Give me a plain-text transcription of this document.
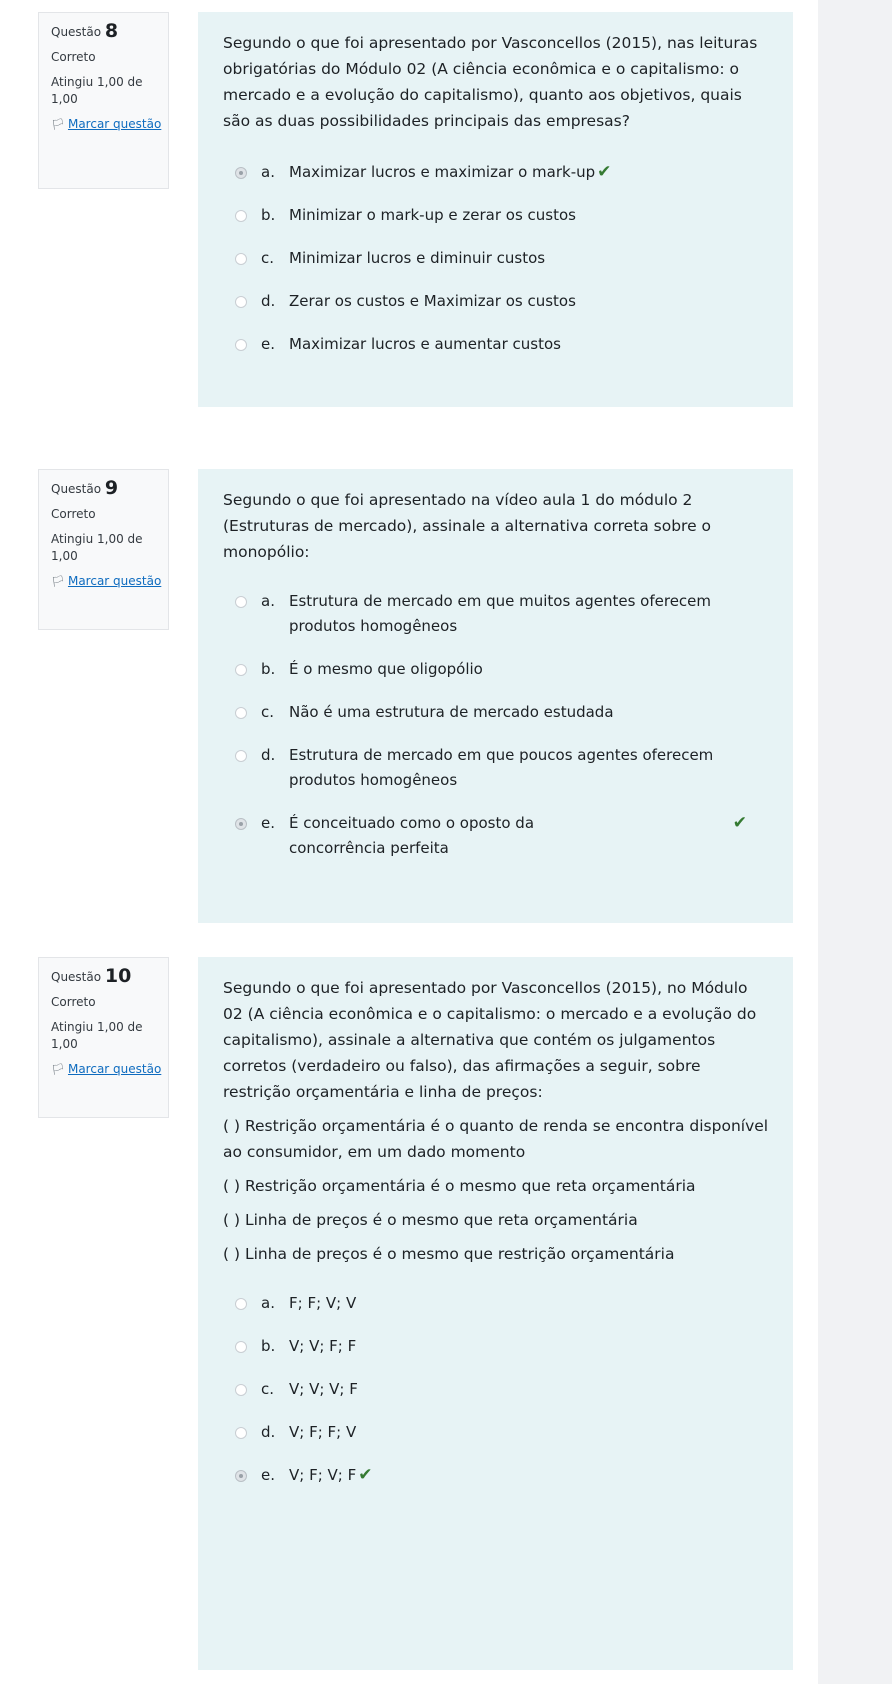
Questão 8
Correto
Atingiu 1,00 de 1,00
🏳 Marcar questão

Segundo o que foi apresentado por Vasconcellos (2015), nas leituras obrigatórias do Módulo 02 (A ciência econômica e o capitalismo: o mercado e a evolução do capitalismo), quanto aos objetivos, quais são as duas possibilidades principais das empresas?

a. Maximizar lucros e maximizar o mark-up ✔
b. Minimizar o mark-up e zerar os custos
c. Minimizar lucros e diminuir custos
d. Zerar os custos e Maximizar os custos
e. Maximizar lucros e aumentar custos
Questão 9
Correto
Atingiu 1,00 de 1,00
🏳 Marcar questão

Segundo o que foi apresentado na vídeo aula 1 do módulo 2 (Estruturas de mercado), assinale a alternativa correta sobre o monopólio:

a. Estrutura de mercado em que muitos agentes oferecem produtos homogêneos
b. É o mesmo que oligopólio
c. Não é uma estrutura de mercado estudada
d. Estrutura de mercado em que poucos agentes oferecem produtos homogêneos
e. É conceituado como o oposto da concorrência perfeita
✔
Questão 10
Correto
Atingiu 1,00 de 1,00
🏳 Marcar questão

Segundo o que foi apresentado por Vasconcellos (2015), no Módulo 02 (A ciência econômica e o capitalismo: o mercado e a evolução do capitalismo), assinale a alternativa que contém os julgamentos corretos (verdadeiro ou falso), das afirmações a seguir, sobre restrição orçamentária e linha de preços:

( ) Restrição orçamentária é o quanto de renda se encontra disponível ao consumidor, em um dado momento

( ) Restrição orçamentária é o mesmo que reta orçamentária

( ) Linha de preços é o mesmo que reta orçamentária

( ) Linha de preços é o mesmo que restrição orçamentária

a. F; F; V; V
b. V; V; F; F
c. V; V; V; F
d. V; F; F; V
e. V; F; V; F ✔
